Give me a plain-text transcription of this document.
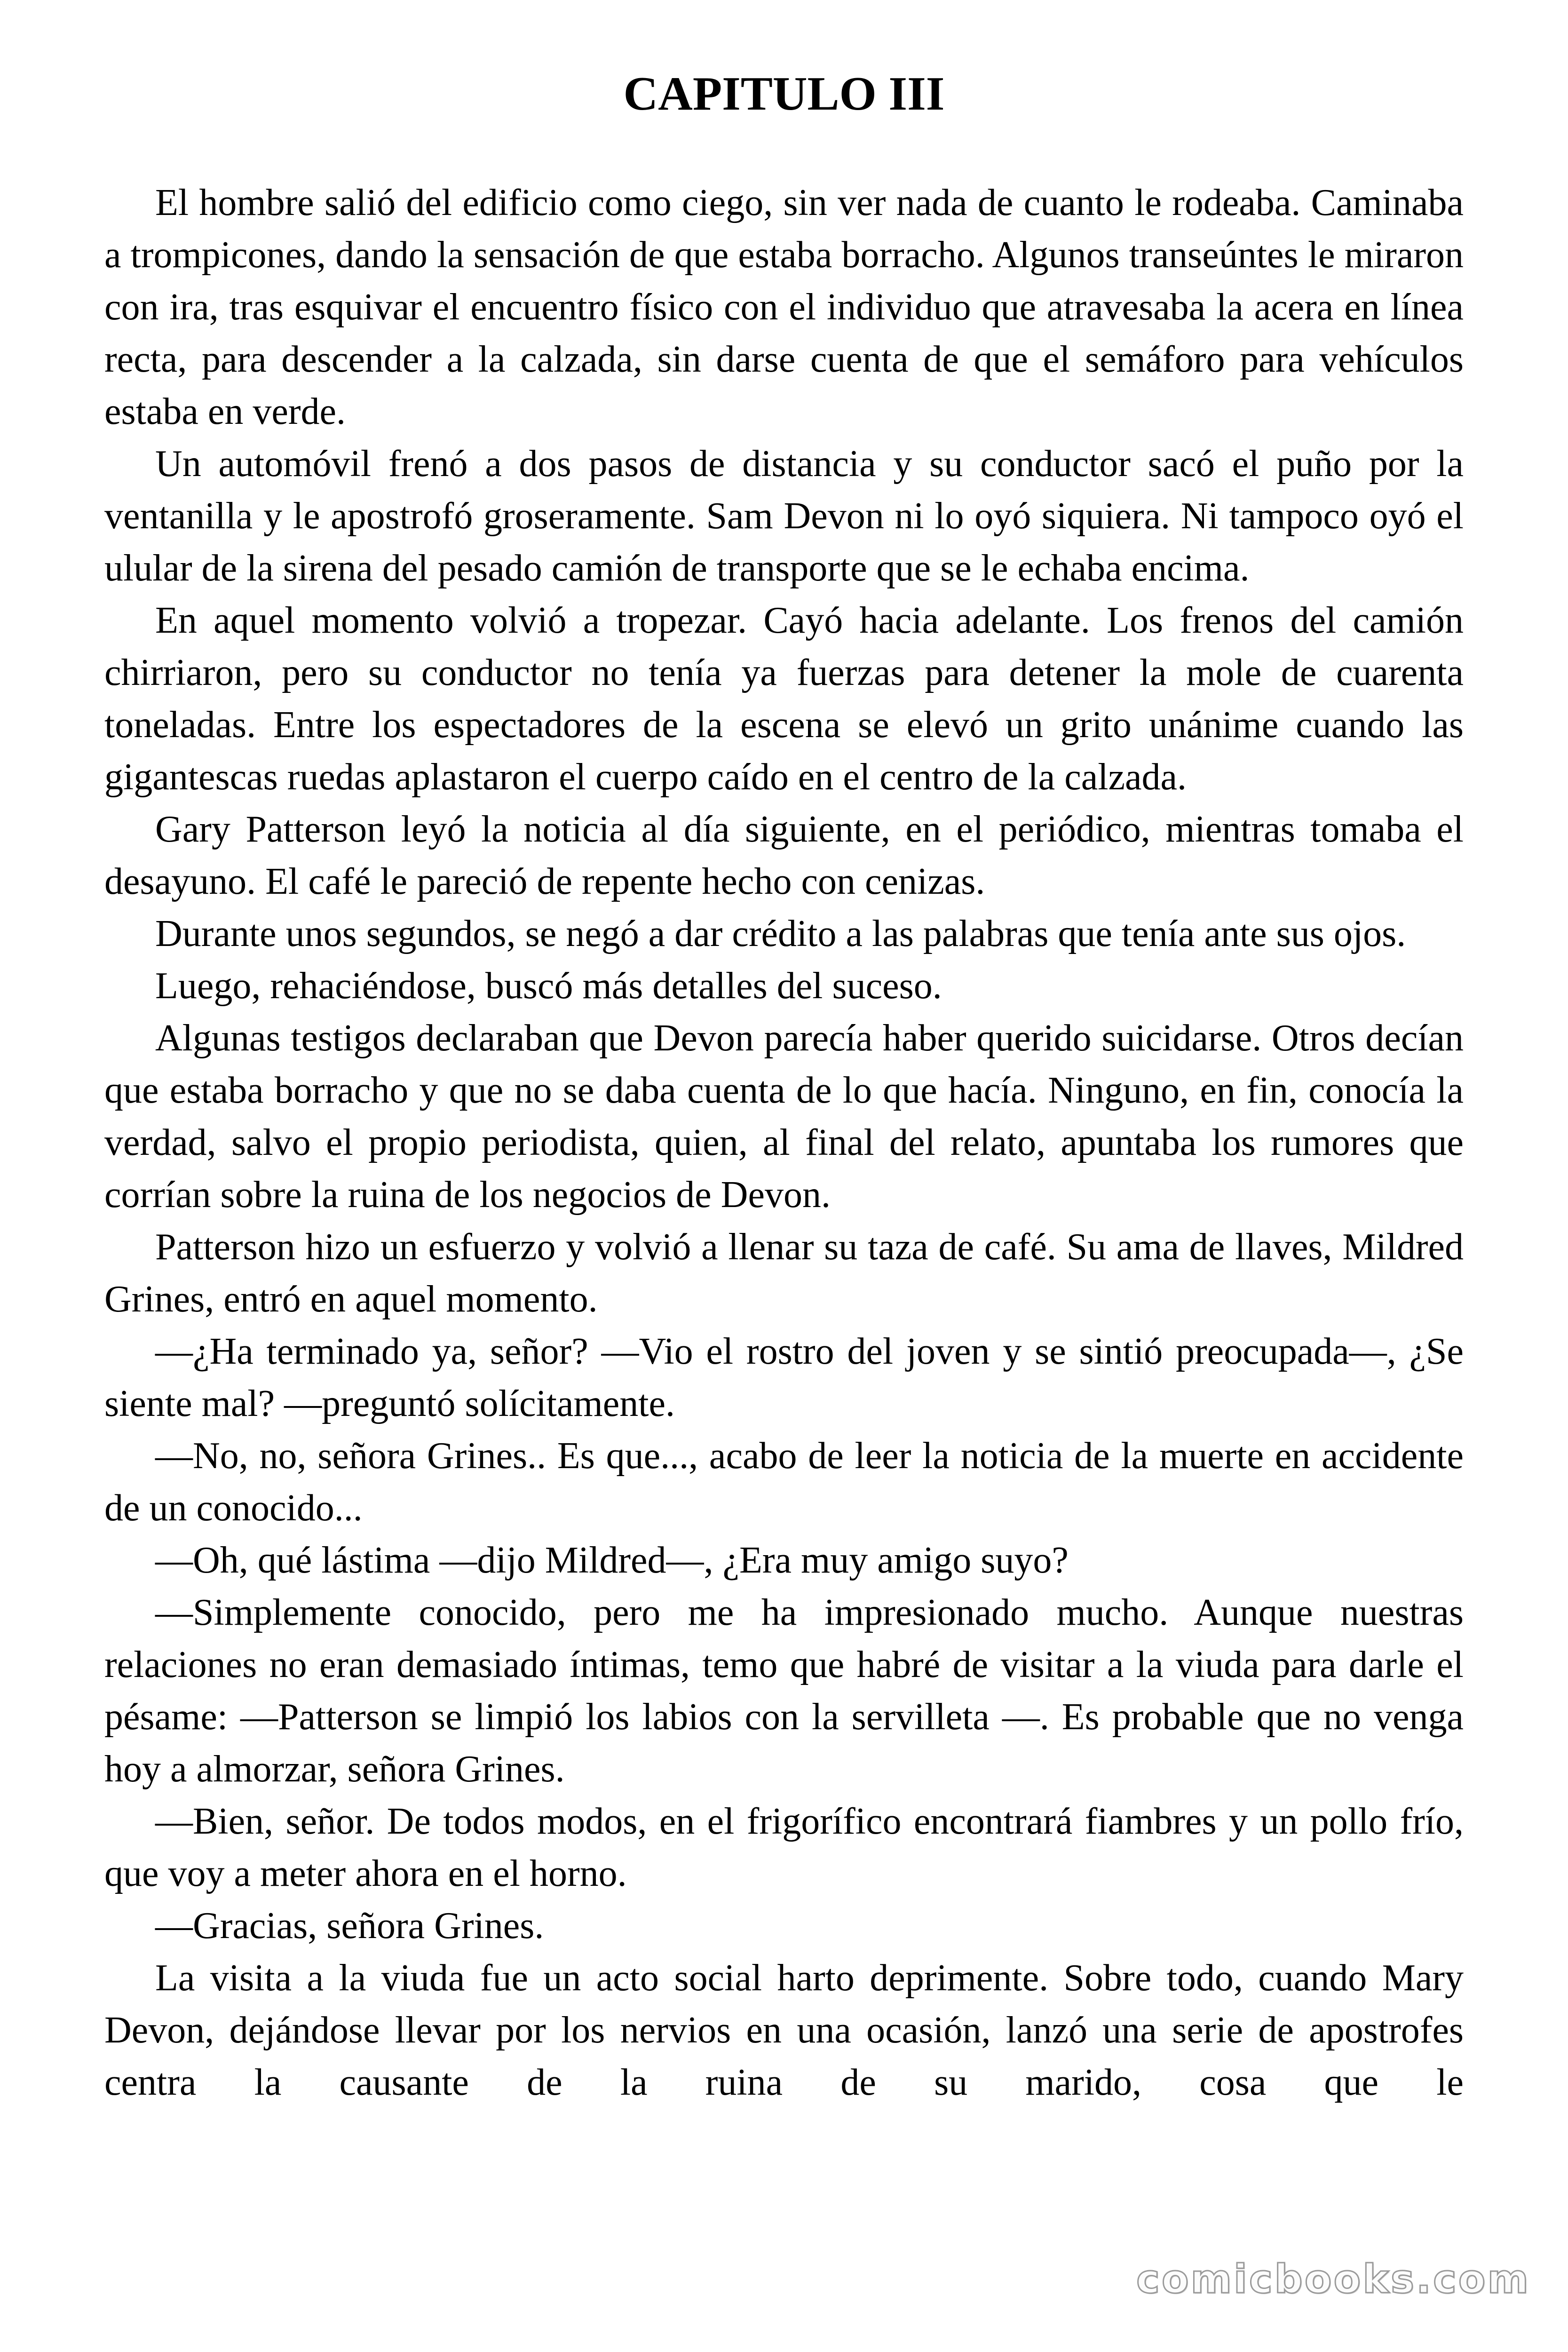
CAPITULO III

El hombre salió del edificio como ciego, sin ver nada de cuanto le rodeaba. Caminaba a trompicones, dando la sensación de que estaba borracho. Algunos transeúntes le miraron con ira, tras esquivar el encuentro físico con el individuo que atravesaba la acera en línea recta, para descender a la calzada, sin darse cuenta de que el semáforo para vehículos estaba en verde.

Un automóvil frenó a dos pasos de distancia y su conductor sacó el puño por la ventanilla y le apostrofó groseramente. Sam Devon ni lo oyó siquiera. Ni tampoco oyó el ulular de la sirena del pesado camión de transporte que se le echaba encima.

En aquel momento volvió a tropezar. Cayó hacia adelante. Los frenos del camión chirriaron, pero su conductor no tenía ya fuerzas para detener la mole de cuarenta toneladas. Entre los espectadores de la escena se elevó un grito unánime cuando las gigantescas ruedas aplastaron el cuerpo caído en el centro de la calzada.

Gary Patterson leyó la noticia al día siguiente, en el periódico, mientras tomaba el desayuno. El café le pareció de repente hecho con cenizas.

Durante unos segundos, se negó a dar crédito a las palabras que tenía ante sus ojos.

Luego, rehaciéndose, buscó más detalles del suceso.

Algunas testigos declaraban que Devon parecía haber querido suicidarse. Otros decían que estaba borracho y que no se daba cuenta de lo que hacía. Ninguno, en fin, conocía la verdad, salvo el propio periodista, quien, al final del relato, apuntaba los rumores que corrían sobre la ruina de los negocios de Devon.

Patterson hizo un esfuerzo y volvió a llenar su taza de café. Su ama de llaves, Mildred Grines, entró en aquel momento.

—¿Ha terminado ya, señor? —Vio el rostro del joven y se sintió preocupada—, ¿Se siente mal? —preguntó solícitamente.

—No, no, señora Grines.. Es que..., acabo de leer la noticia de la muerte en accidente de un conocido...

—Oh, qué lástima —dijo Mildred—, ¿Era muy amigo suyo?

—Simplemente conocido, pero me ha impresionado mucho. Aunque nuestras relaciones no eran demasiado íntimas, temo que habré de visitar a la viuda para darle el pésame: —Patterson se limpió los labios con la servilleta —. Es probable que no venga hoy a almorzar, señora Grines.

—Bien, señor. De todos modos, en el frigorífico encontrará fiambres y un pollo frío, que voy a meter ahora en el horno.

—Gracias, señora Grines.

La visita a la viuda fue un acto social harto deprimente. Sobre todo, cuando Mary Devon, dejándose llevar por los nervios en una ocasión, lanzó una serie de apostrofes centra la causante de la ruina de su marido, cosa que le

comicbooks.com
